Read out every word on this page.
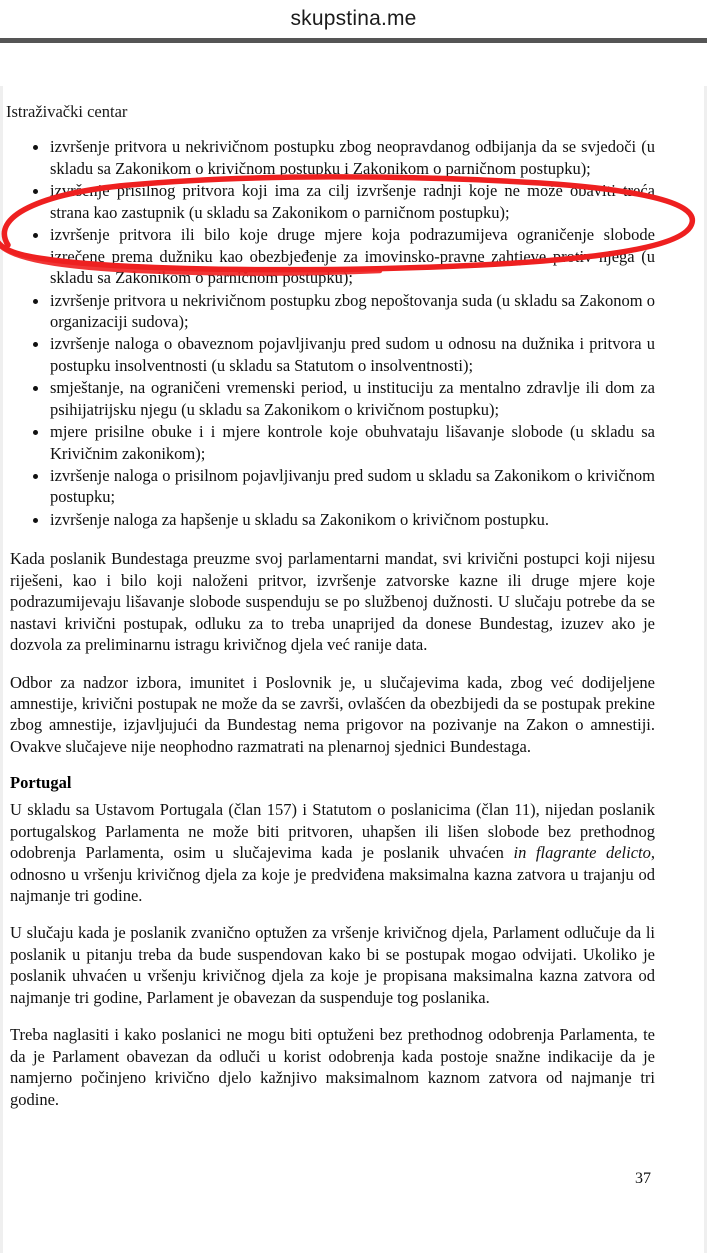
skupstina.me
Istraživački centar
izvršenje pritvora u nekrivičnom postupku zbog neopravdanog odbijanja da se svjedoči (u skladu sa Zakonikom o krivičnom postupku i Zakonikom o parničnom postupku);
izvršenje prisilnog pritvora koji ima za cilj izvršenje radnji koje ne može obaviti treća strana kao zastupnik (u skladu sa Zakonikom o parničnom postupku);
izvršenje pritvora ili bilo koje druge mjere koja podrazumijeva ograničenje slobode izrečene prema dužniku kao obezbjeđenje za imovinsko-pravne zahtjeve protiv njega (u skladu sa Zakonikom o parničnom postupku);
izvršenje pritvora u nekrivičnom postupku zbog nepoštovanja suda (u skladu sa Zakonom o organizaciji sudova);
izvršenje naloga o obaveznom pojavljivanju pred sudom u odnosu na dužnika i pritvora u postupku insolventnosti (u skladu sa Statutom o insolventnosti);
smještanje, na ograničeni vremenski period, u instituciju za mentalno zdravlje ili dom za psihijatrijsku njegu (u skladu sa Zakonikom o krivičnom postupku);
mjere prisilne obuke i i mjere kontrole koje obuhvataju lišavanje slobode (u skladu sa Krivičnim zakonikom);
izvršenje naloga o prisilnom pojavljivanju pred sudom u skladu sa Zakonikom o krivičnom postupku;
izvršenje naloga za hapšenje u skladu sa Zakonikom o krivičnom postupku.

Kada poslanik Bundestaga preuzme svoj parlamentarni mandat, svi krivični postupci koji nijesu riješeni, kao i bilo koji naloženi pritvor, izvršenje zatvorske kazne ili druge mjere koje podrazumijevaju lišavanje slobode suspenduju se po službenoj dužnosti. U slučaju potrebe da se nastavi krivični postupak, odluku za to treba unaprijed da donese Bundestag, izuzev ako je dozvola za preliminarnu istragu krivičnog djela već ranije data.

Odbor za nadzor izbora, imunitet i Poslovnik je, u slučajevima kada, zbog već dodijeljene amnestije, krivični postupak ne može da se završi, ovlašćen da obezbijedi da se postupak prekine zbog amnestije, izjavljujući da Bundestag nema prigovor na pozivanje na Zakon o amnestiji. Ovakve slučajeve nije neophodno razmatrati na plenarnoj sjednici Bundestaga.

Portugal

U skladu sa Ustavom Portugala (član 157) i Statutom o poslanicima (član 11), nijedan poslanik portugalskog Parlamenta ne može biti pritvoren, uhapšen ili lišen slobode bez prethodnog odobrenja Parlamenta, osim u slučajevima kada je poslanik uhvaćen in flagrante delicto, odnosno u vršenju krivičnog djela za koje je predviđena maksimalna kazna zatvora u trajanju od najmanje tri godine.

U slučaju kada je poslanik zvanično optužen za vršenje krivičnog djela, Parlament odlučuje da li poslanik u pitanju treba da bude suspendovan kako bi se postupak mogao odvijati. Ukoliko je poslanik uhvaćen u vršenju krivičnog djela za koje je propisana maksimalna kazna zatvora od najmanje tri godine, Parlament je obavezan da suspenduje tog poslanika.

Treba naglasiti i kako poslanici ne mogu biti optuženi bez prethodnog odobrenja Parlamenta, te da je Parlament obavezan da odluči u korist odobrenja kada postoje snažne indikacije da je namjerno počinjeno krivično djelo kažnjivo maksimalnom kaznom zatvora od najmanje tri godine.

37
